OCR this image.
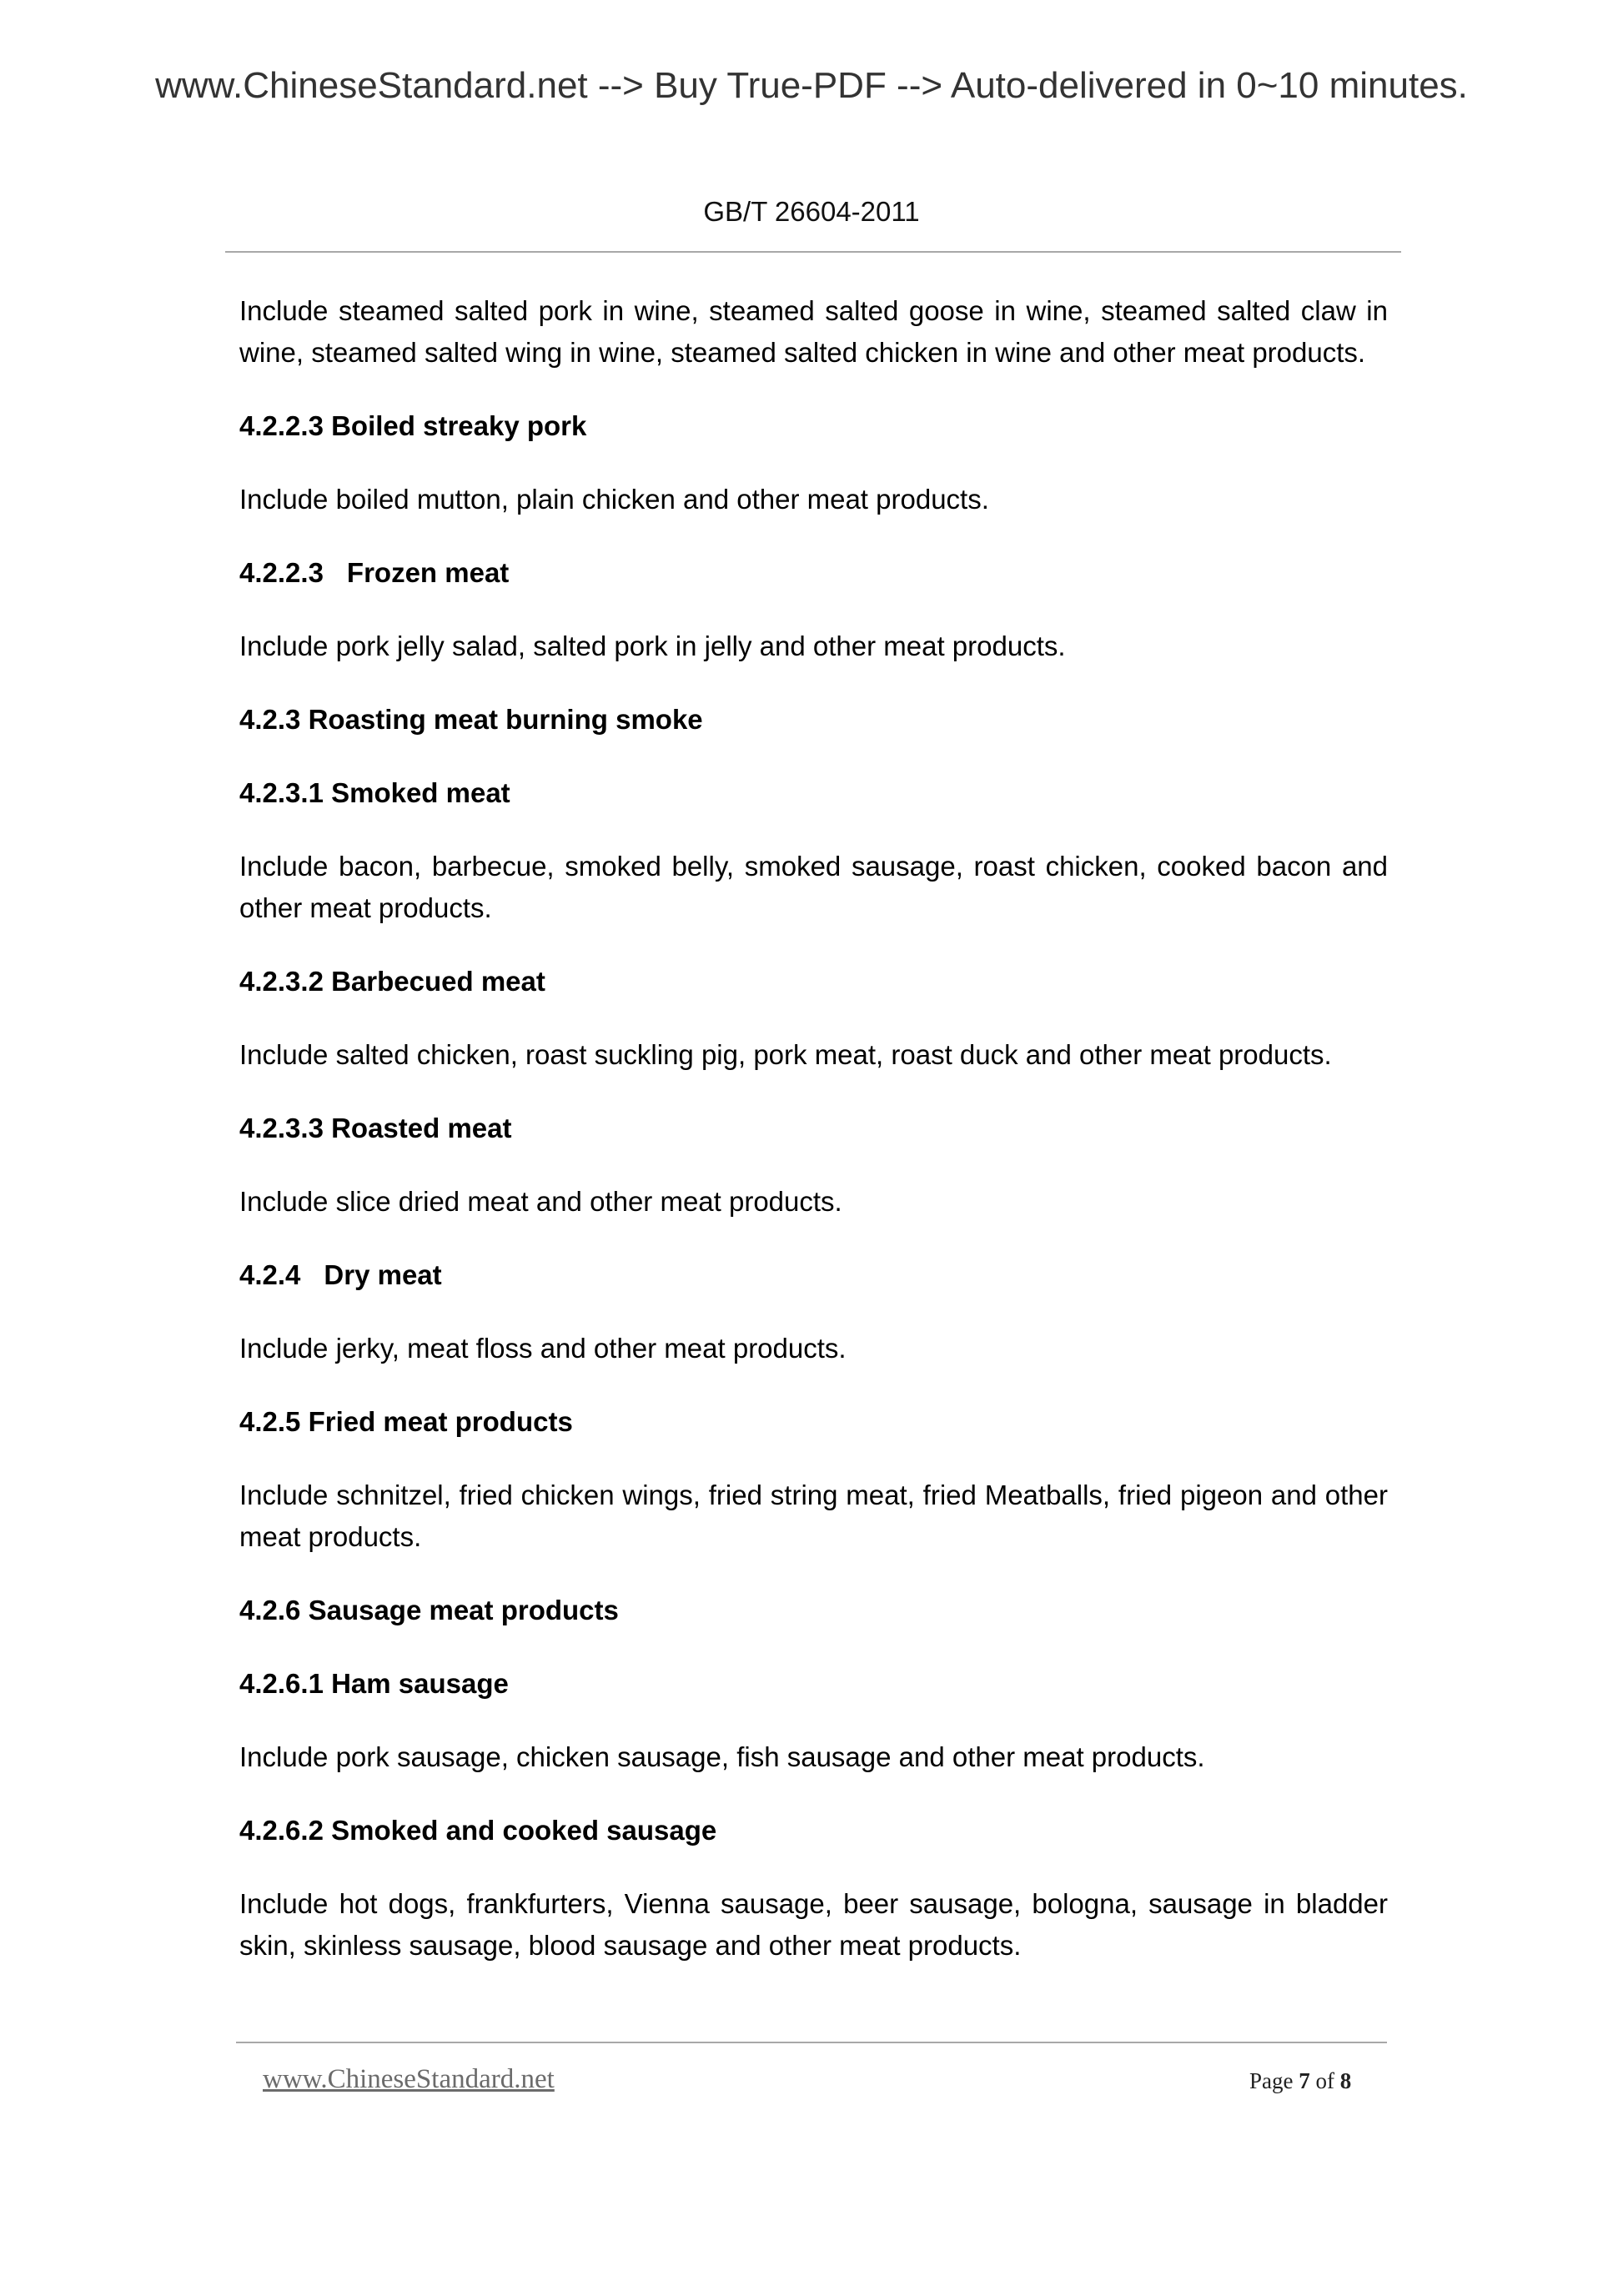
www.ChineseStandard.net --> Buy True-PDF --> Auto-delivered in 0~10 minutes.
GB/T 26604-2011

Include steamed salted pork in wine, steamed salted goose in wine, steamed salted claw in wine, steamed salted wing in wine, steamed salted chicken in wine and other meat products.

4.2.2.3 Boiled streaky pork

Include boiled mutton, plain chicken and other meat products.

4.2.2.3 Frozen meat

Include pork jelly salad, salted pork in jelly and other meat products.

4.2.3 Roasting meat burning smoke

4.2.3.1 Smoked meat

Include bacon, barbecue, smoked belly, smoked sausage, roast chicken, cooked bacon and other meat products.

4.2.3.2 Barbecued meat

Include salted chicken, roast suckling pig, pork meat, roast duck and other meat products.

4.2.3.3 Roasted meat

Include slice dried meat and other meat products.

4.2.4 Dry meat

Include jerky, meat floss and other meat products.

4.2.5 Fried meat products

Include schnitzel, fried chicken wings, fried string meat, fried Meatballs, fried pigeon and other meat products.

4.2.6 Sausage meat products

4.2.6.1 Ham sausage

Include pork sausage, chicken sausage, fish sausage and other meat products.

4.2.6.2 Smoked and cooked sausage

Include hot dogs, frankfurters, Vienna sausage, beer sausage, bologna, sausage in bladder skin, skinless sausage, blood sausage and other meat products.

www.ChineseStandard.net	Page 7 of 8
